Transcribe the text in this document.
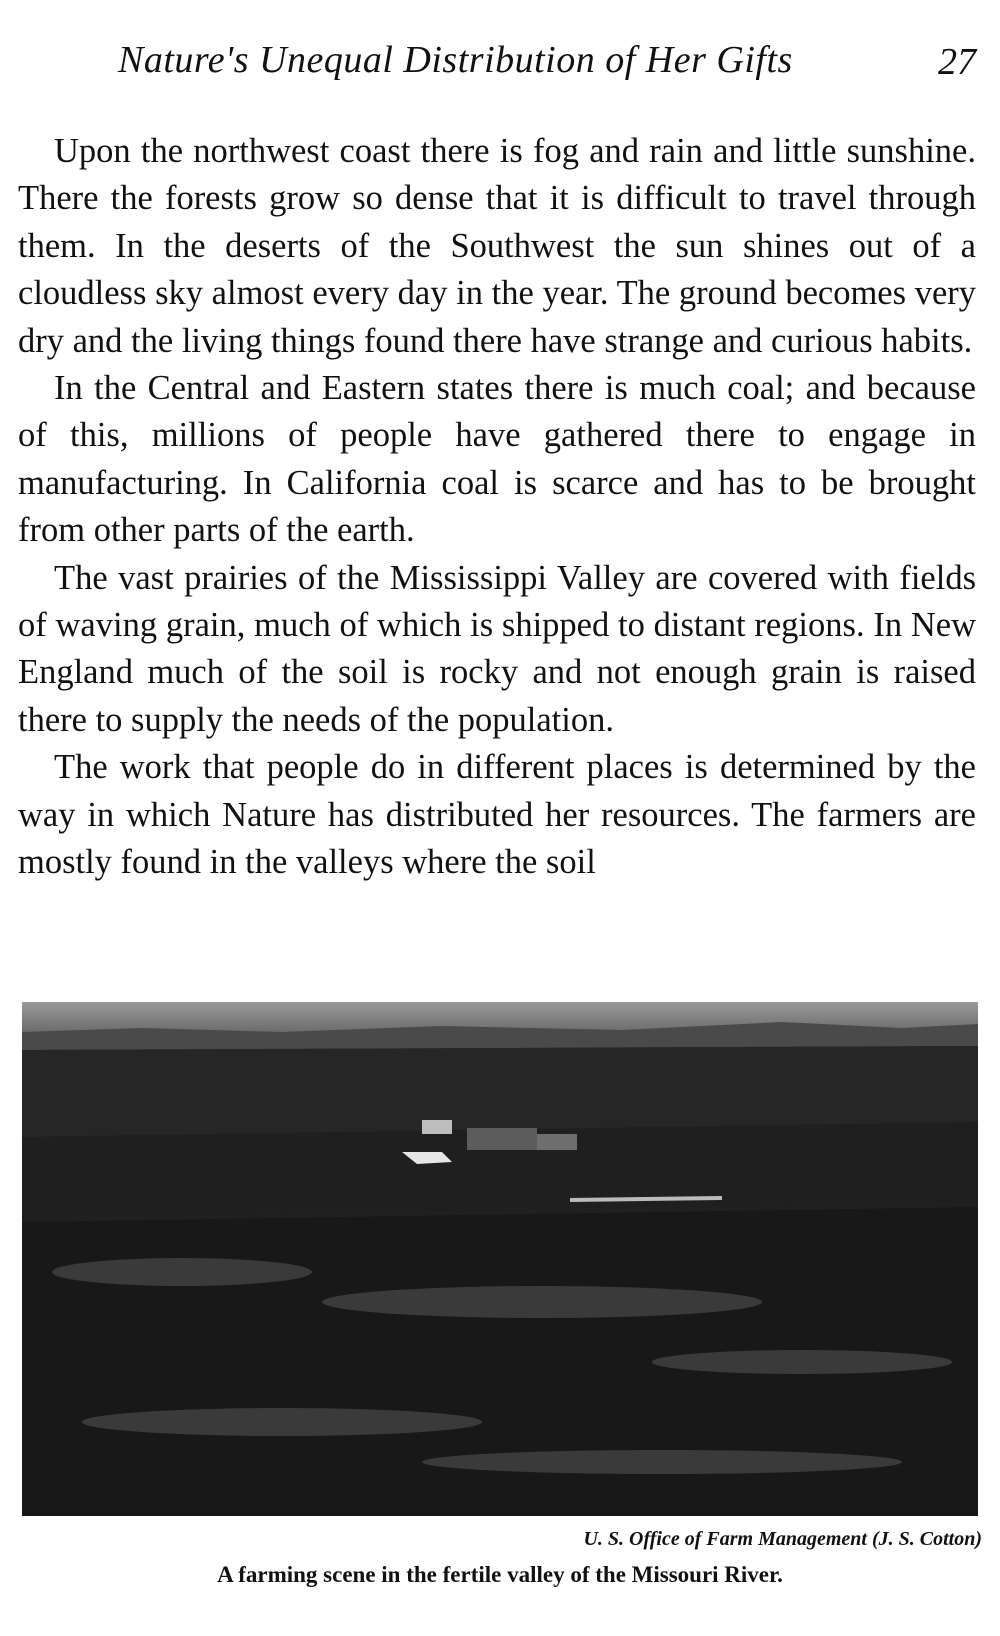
Nature's Unequal Distribution of Her Gifts	27

Upon the northwest coast there is fog and rain and little sunshine. There the forests grow so dense that it is difficult to travel through them. In the deserts of the Southwest the sun shines out of a cloudless sky almost every day in the year. The ground becomes very dry and the living things found there have strange and curious habits.

In the Central and Eastern states there is much coal; and because of this, millions of people have gathered there to engage in manufacturing. In California coal is scarce and has to be brought from other parts of the earth.

The vast prairies of the Mississippi Valley are covered with fields of waving grain, much of which is shipped to distant regions. In New England much of the soil is rocky and not enough grain is raised there to supply the needs of the population.

The work that people do in different places is determined by the way in which Nature has distributed her resources. The farmers are mostly found in the valleys where the soil

U. S. Office of Farm Management (J. S. Cotton)
A farming scene in the fertile valley of the Missouri River.
